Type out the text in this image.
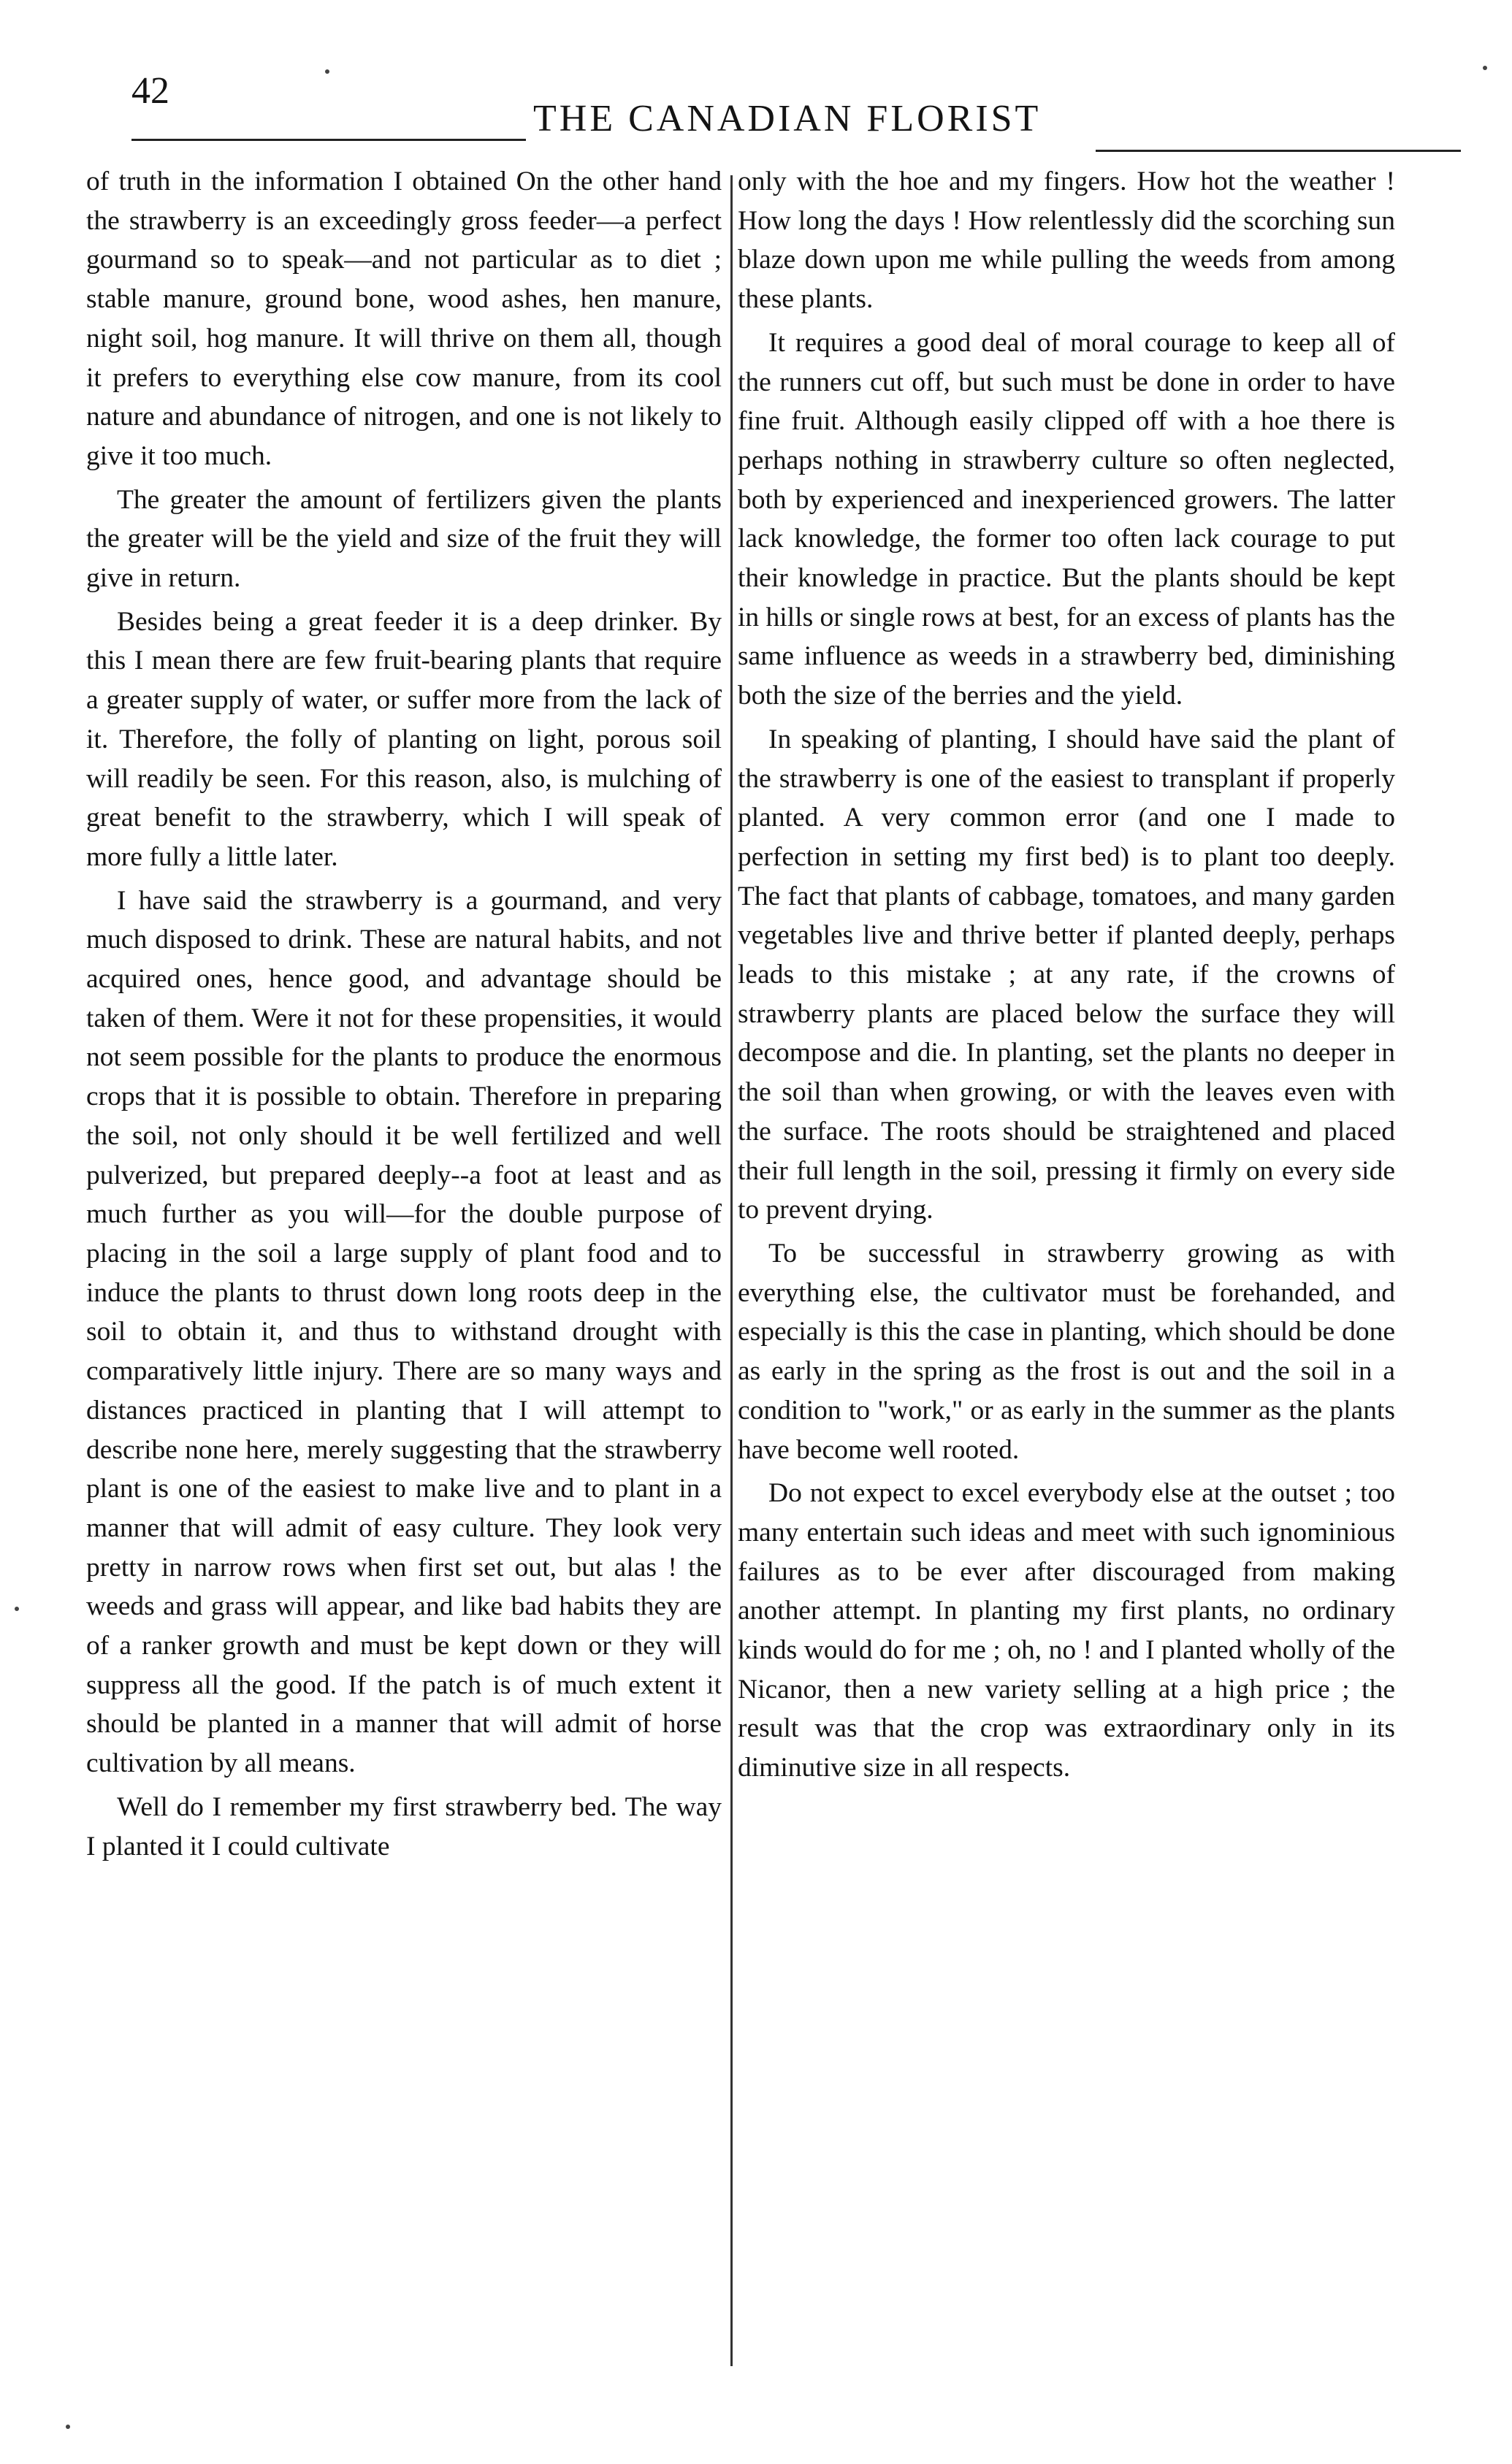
42
THE CANADIAN FLORIST

of truth in the information I obtained On the other hand the strawberry is an exceedingly gross feeder—a perfect gourmand so to speak—and not particular as to diet ; stable manure, ground bone, wood ashes, hen manure, night soil, hog manure. It will thrive on them all, though it prefers to everything else cow manure, from its cool nature and abundance of nitrogen, and one is not likely to give it too much.

The greater the amount of fertilizers given the plants the greater will be the yield and size of the fruit they will give in return.

Besides being a great feeder it is a deep drinker. By this I mean there are few fruit-bearing plants that require a greater supply of water, or suffer more from the lack of it. Therefore, the folly of planting on light, porous soil will readily be seen. For this reason, also, is mulching of great benefit to the strawberry, which I will speak of more fully a little later.

I have said the strawberry is a gourmand, and very much disposed to drink. These are natural habits, and not acquired ones, hence good, and advantage should be taken of them. Were it not for these propensities, it would not seem possible for the plants to produce the enormous crops that it is possible to obtain. Therefore in preparing the soil, not only should it be well fertilized and well pulverized, but prepared deeply--a foot at least and as much further as you will—for the double purpose of placing in the soil a large supply of plant food and to induce the plants to thrust down long roots deep in the soil to obtain it, and thus to withstand drought with comparatively little injury. There are so many ways and distances practiced in planting that I will attempt to describe none here, merely suggesting that the strawberry plant is one of the easiest to make live and to plant in a manner that will admit of easy culture. They look very pretty in narrow rows when first set out, but alas ! the weeds and grass will appear, and like bad habits they are of a ranker growth and must be kept down or they will suppress all the good. If the patch is of much extent it should be planted in a manner that will admit of horse cultivation by all means.

Well do I remember my first strawberry bed. The way I planted it I could cultivate

only with the hoe and my fingers. How hot the weather ! How long the days ! How relentlessly did the scorching sun blaze down upon me while pulling the weeds from among these plants.

It requires a good deal of moral courage to keep all of the runners cut off, but such must be done in order to have fine fruit. Although easily clipped off with a hoe there is perhaps nothing in strawberry culture so often neglected, both by experienced and inexperienced growers. The latter lack knowledge, the former too often lack courage to put their knowledge in practice. But the plants should be kept in hills or single rows at best, for an excess of plants has the same influence as weeds in a strawberry bed, diminishing both the size of the berries and the yield.

In speaking of planting, I should have said the plant of the strawberry is one of the easiest to transplant if properly planted. A very common error (and one I made to perfection in setting my first bed) is to plant too deeply. The fact that plants of cabbage, tomatoes, and many garden vegetables live and thrive better if planted deeply, perhaps leads to this mistake ; at any rate, if the crowns of strawberry plants are placed below the surface they will decompose and die. In planting, set the plants no deeper in the soil than when growing, or with the leaves even with the surface. The roots should be straightened and placed their full length in the soil, pressing it firmly on every side to prevent drying.

To be successful in strawberry growing as with everything else, the cultivator must be forehanded, and especially is this the case in planting, which should be done as early in the spring as the frost is out and the soil in a condition to "work," or as early in the summer as the plants have become well rooted.

Do not expect to excel everybody else at the outset ; too many entertain such ideas and meet with such ignominious failures as to be ever after discouraged from making another attempt. In planting my first plants, no ordinary kinds would do for me ; oh, no ! and I planted wholly of the Nicanor, then a new variety selling at a high price ; the result was that the crop was extraordinary only in its diminutive size in all respects.
